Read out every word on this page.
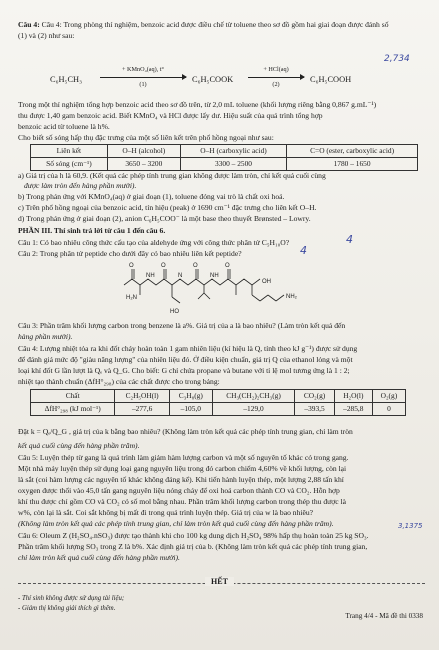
Câu 4: Câu 4: Trong phòng thí nghiệm, benzoic acid được điều chế từ toluene theo sơ đồ gồm hai giai đoạn được đánh số
(1) và (2) như sau:
C₆H₅CH₃
+ KMnO₄(aq), t°
(1)
C₆H₅COOK
+ HCl(aq)
(2)
C₆H₅COOH
2,734
Trong một thí nghiệm tổng hợp benzoic acid theo sơ đồ trên, từ 2,0 mL toluene (khối lượng riêng bằng 0,867 g.mL⁻¹)
thu được 1,40 gam benzoic acid. Biết KMnO₄ và HCl được lấy dư. Hiệu suất của quá trình tổng hợp
benzoic acid từ toluene là h%.
Cho biết số sóng hấp thụ đặc trưng của một số liên kết trên phổ hồng ngoại như sau:
Liên kết	O–H (alcohol)	O–H (carboxylic acid)	C=O (ester, carboxylic acid)
Số sóng (cm⁻¹)	3650 – 3200	3300 – 2500	1780 – 1650
a) Giá trị của h là 60,9. (Kết quả các phép tính trung gian không được làm tròn, chỉ kết quả cuối cùng
được làm tròn đến hàng phần mười).
b) Trong phản ứng với KMnO₄(aq) ở giai đoạn (1), toluene đóng vai trò là chất oxi hoá.
c) Trên phổ hồng ngoại của benzoic acid, tín hiệu (peak) ở 1690 cm⁻¹ đặc trưng cho liên kết O–H.
d) Trong phản ứng ở giai đoạn (2), anion C₆H₅COO⁻ là một base theo thuyết Brønsted – Lowry.
PHẦN III. Thí sinh trả lời từ câu 1 đến câu 6.
Câu 1: Có bao nhiêu công thức cấu tạo của aldehyde ứng với công thức phân tử C₅H₁₀O?	4
Câu 2: Trong phân tử peptide cho dưới đây có bao nhiêu liên kết peptide?	4
H₂N
O	O	O	O
HO
NH	NH
N
OH
NH₂
Câu 3: Phần trăm khối lượng carbon trong benzene là a%. Giá trị của a là bao nhiêu? (Làm tròn kết quả đến
hàng phần mười).
Câu 4: Lượng nhiệt tỏa ra khi đốt cháy hoàn toàn 1 gam nhiên liệu (kí hiệu là Q, tính theo kJ g⁻¹) được sử dụng
để đánh giá mức độ "giàu năng lượng" của nhiên liệu đó. Ở điều kiện chuẩn, giá trị Q của ethanol lỏng và một
loại khí đốt G lần lượt là Qₑ và Q_G. Cho biết: G chỉ chứa propane và butane với tỉ lệ mol tương ứng là 1 : 2;
nhiệt tạo thành chuẩn (ΔfH°₂₉₈) của các chất được cho trong bảng:
Chất	C₂H₅OH(l)	C₃H₈(g)	CH₃(CH₂)₂CH₃(g)	CO₂(g)	H₂O(l)	O₂(g)
ΔfH°₂₉₈ (kJ mol⁻¹)	–277,6	–105,0	–129,0	–393,5	–285,8	0
Đặt k = Qₑ/Q_G , giá trị của k bằng bao nhiêu? (Không làm tròn kết quả các phép tính trung gian, chỉ làm tròn
kết quả cuối cùng đến hàng phần trăm).
Câu 5: Luyện thép từ gang là quá trình làm giảm hàm lượng carbon và một số nguyên tố khác có trong gang.
Một nhà máy luyện thép sử dụng loại gang nguyên liệu trong đó carbon chiếm 4,60% về khối lượng, còn lại
là sắt (coi hàm lượng các nguyên tố khác không đáng kể). Khi tiến hành luyện thép, một lượng 2,88 tấn khí
oxygen được thổi vào 45,0 tấn gang nguyên liệu nóng chảy để oxi hoá carbon thành CO và CO₂. Hỗn hợp
khí thu được chỉ gồm CO và CO₂ có số mol bằng nhau. Phần trăm khối lượng carbon trong thép thu được là
w%, còn lại là sắt. Coi sắt không bị mất đi trong quá trình luyện thép. Giá trị của w là bao nhiêu?
(Không làm tròn kết quả các phép tính trung gian, chỉ làm tròn kết quả cuối cùng đến hàng phần trăm).
Câu 6: Oleum Z (H₂SO₄.nSO₃) được tạo thành khi cho 100 kg dung dịch H₂SO₄ 98% hấp thụ hoàn toàn 25 kg SO₃.
3,1375
Phần trăm khối lượng SO₃ trong Z là b%. Xác định giá trị của b. (Không làm tròn kết quả các phép tính trung gian,
chỉ làm tròn kết quả cuối cùng đến hàng phần mười).
HẾT
- Thí sinh không được sử dụng tài liệu;
- Giám thị không giải thích gì thêm.
Trang 4/4 - Mã đề thi 0338
